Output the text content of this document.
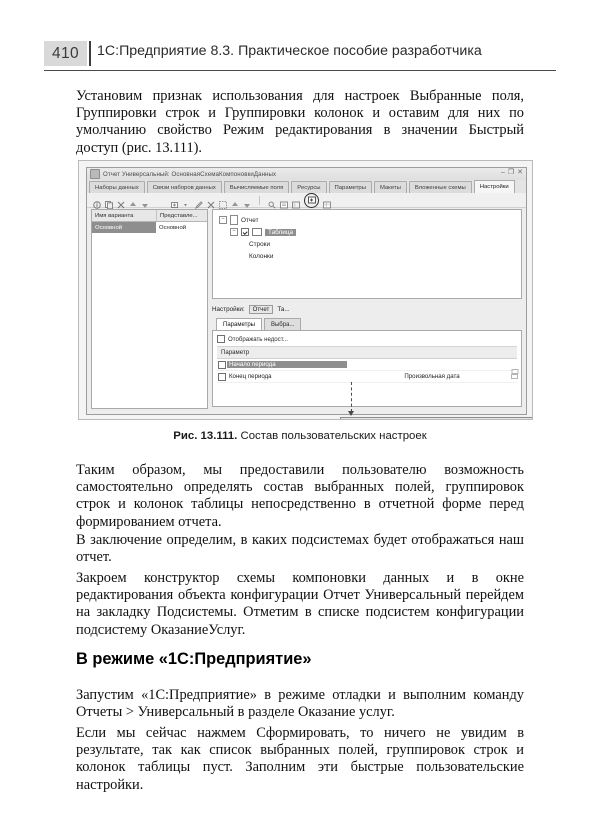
410 1С:Предприятие 8.3. Практическое пособие разработчика
Установим признак использования для настроек Выбранные поля, Группировки строк и Группировки колонок и оставим для них по умолчанию свойство Режим редактирования в значении Быстрый доступ (рис. 13.111).
Отчет Универсальный: ОсновнаяСхемаКомпоновкиДанных	– ❐ ✕
Наборы данных	Связи наборов данных	Вычисляемые поля	Ресурсы	Параметры	Макеты	Вложенные схемы	Настройки
Имя варианта	Представле...
Основной	Основной
–	Отчет
–	Таблица
Строки
Колонки
Настройки:	Отчет	Та...
Параметры	Выбра...
Отображать недост...
Параметр
Начало периода
Конец периода	Произвольная дата
Рис. 13.111. Состав пользовательских настроек
Таким образом, мы предоставили пользователю возможность самостоятельно определять состав выбранных полей, группировок строк и колонок таблицы непосредственно в отчетной форме перед формированием отчета.
В заключение определим, в каких подсистемах будет отображаться наш отчет.
Закроем конструктор схемы компоновки данных и в окне редактирования объекта конфигурации Отчет Универсальный перейдем на закладку Подсистемы. Отметим в списке подсистем конфигурации подсистему ОказаниеУслуг.
В режиме «1С:Предприятие»
Запустим «1С:Предприятие» в режиме отладки и выполним команду Отчеты > Универсальный в разделе Оказание услуг.
Если мы сейчас нажмем Сформировать, то ничего не увидим в результате, так как список выбранных полей, группировок строк и колонок таблицы пуст. Заполним эти быстрые пользовательские настройки.
